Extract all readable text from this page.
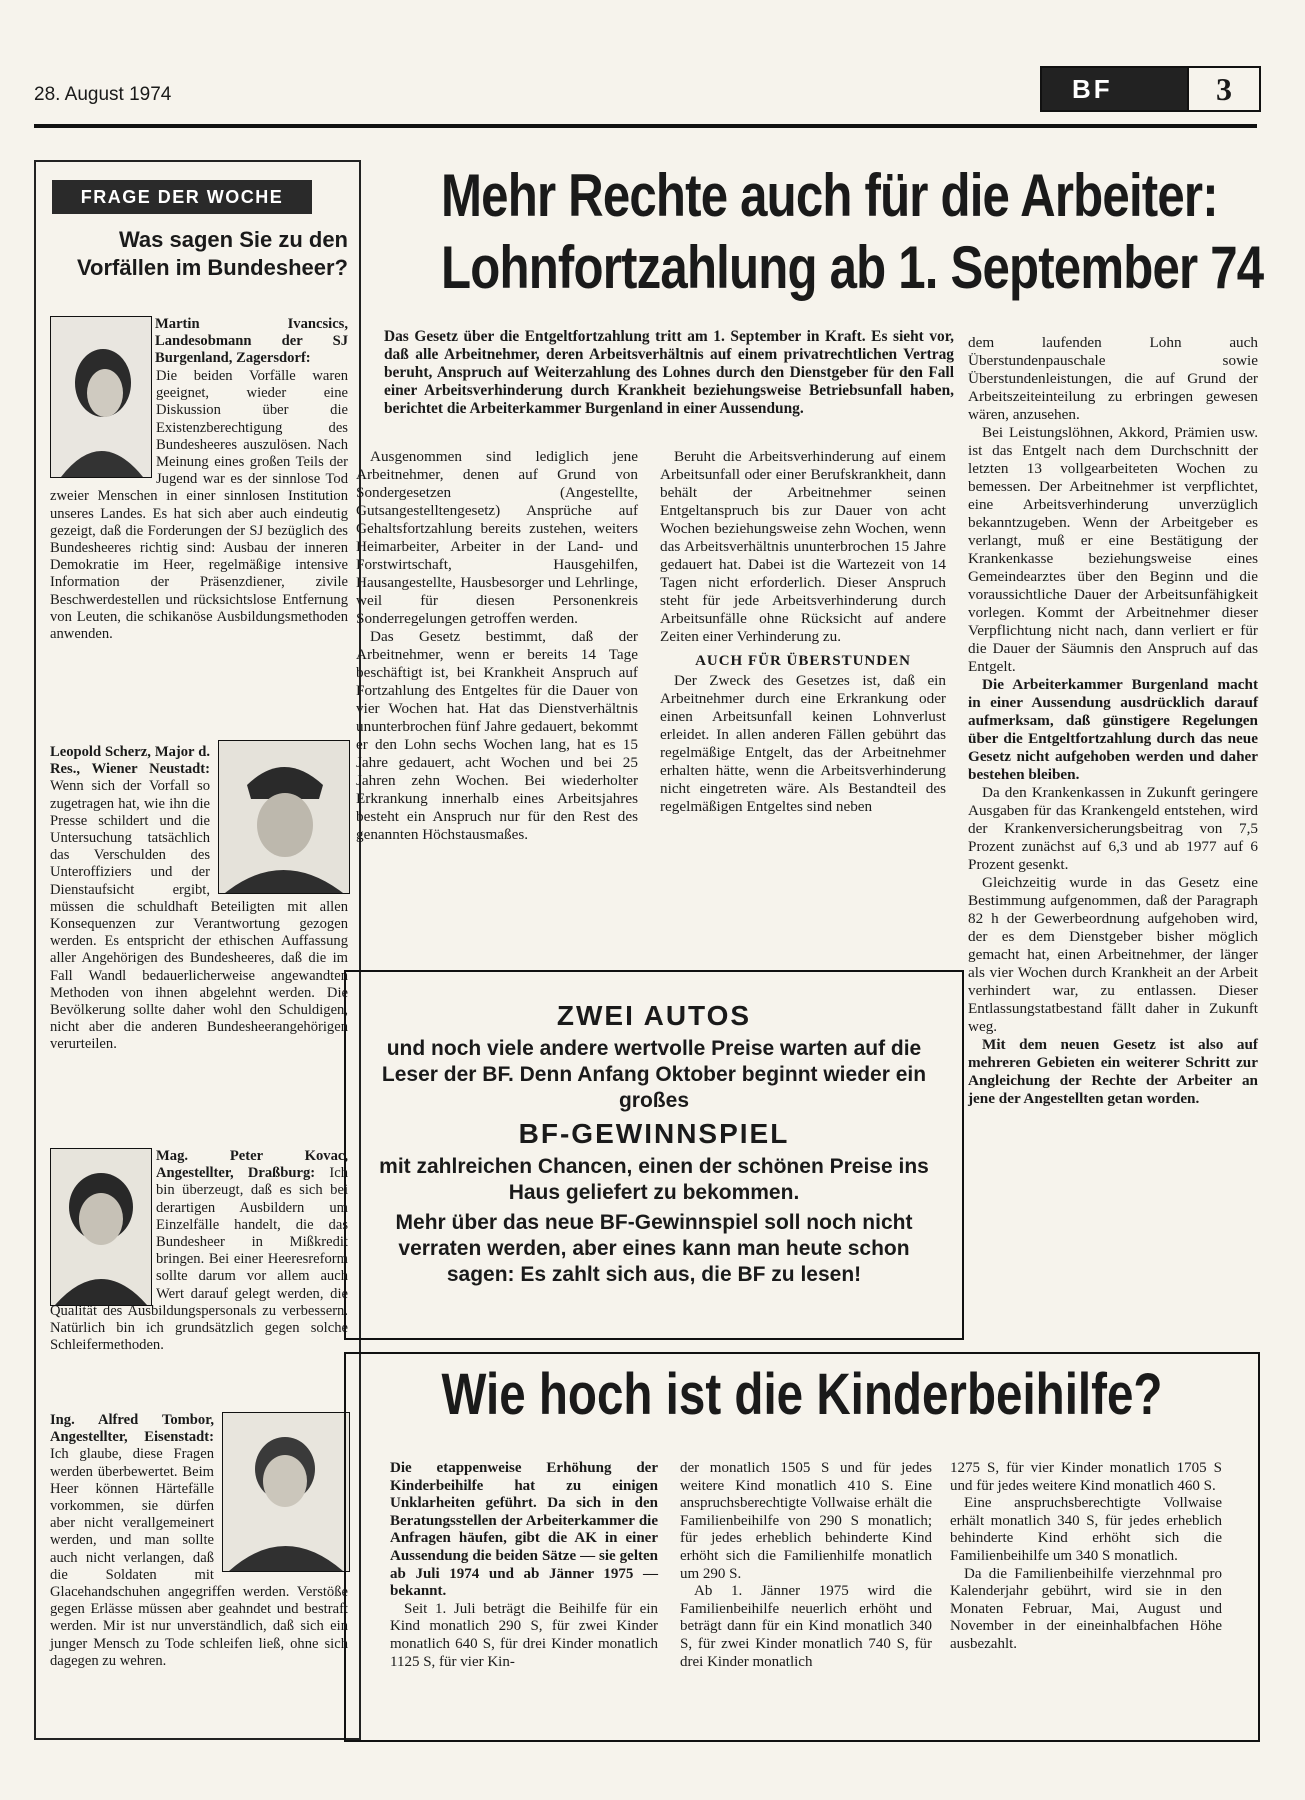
28. August 1974	BF	3
FRAGE DER WOCHE
Was sagen Sie zu den Vorfällen im Bundesheer?
Martin Ivancsics, Landesobmann der SJ Burgenland, Zagersdorf:
Die beiden Vorfälle waren geeignet, wieder eine Diskussion über die Existenzberechtigung des Bundesheeres auszulösen. Nach Meinung eines großen Teils der Jugend war es der sinnlose Tod zweier Menschen in einer sinnlosen Institution unseres Landes. Es hat sich aber auch eindeutig gezeigt, daß die Forderungen der SJ bezüglich des Bundesheeres richtig sind: Ausbau der inneren Demokratie im Heer, regelmäßige intensive Information der Präsenzdiener, zivile Beschwerdestellen und rücksichtslose Entfernung von Leuten, die schikanöse Ausbildungsmethoden anwenden.
Leopold Scherz, Major d. Res., Wiener Neustadt: Wenn sich der Vorfall so zugetragen hat, wie ihn die Presse schildert und die Untersuchung tatsächlich das Verschulden des Unteroffiziers und der Dienstaufsicht ergibt, müssen die schuldhaft Beteiligten mit allen Konsequenzen zur Verantwortung gezogen werden. Es entspricht der ethischen Auffassung aller Angehörigen des Bundesheeres, daß die im Fall Wandl bedauerlicherweise angewandten Methoden von ihnen abgelehnt werden. Die Bevölkerung sollte daher wohl den Schuldigen, nicht aber die anderen Bundesheerangehörigen verurteilen.
Mag. Peter Kovac, Angestellter, Draßburg: Ich bin überzeugt, daß es sich bei derartigen Ausbildern um Einzelfälle handelt, die das Bundesheer in Mißkredit bringen. Bei einer Heeresreform sollte darum vor allem auch Wert darauf gelegt werden, die Qualität des Ausbildungspersonals zu verbessern. Natürlich bin ich grundsätzlich gegen solche Schleifermethoden.
Ing. Alfred Tombor, Angestellter, Eisenstadt: Ich glaube, diese Fragen werden überbewertet. Beim Heer können Härtefälle vorkommen, sie dürfen aber nicht verallgemeinert werden, und man sollte auch nicht verlangen, daß die Soldaten mit Glacehandschuhen angegriffen werden. Verstöße gegen Erlässe müssen aber geahndet und bestraft werden. Mir ist nur unverständlich, daß sich ein junger Mensch zu Tode schleifen ließ, ohne sich dagegen zu wehren.
Mehr Rechte auch für die Arbeiter:
Lohnfortzahlung ab 1. September 74
Das Gesetz über die Entgeltfortzahlung tritt am 1. September in Kraft. Es sieht vor, daß alle Arbeitnehmer, deren Arbeitsverhältnis auf einem privatrechtlichen Vertrag beruht, Anspruch auf Weiterzahlung des Lohnes durch den Dienstgeber für den Fall einer Arbeitsverhinderung durch Krankheit beziehungsweise Betriebsunfall haben, berichtet die Arbeiterkammer Burgenland in einer Aussendung.

Ausgenommen sind lediglich jene Arbeitnehmer, denen auf Grund von Sondergesetzen (Angestellte, Gutsangestelltengesetz) Ansprüche auf Gehaltsfortzahlung bereits zustehen, weiters Heimarbeiter, Arbeiter in der Land- und Forstwirtschaft, Hausgehilfen, Hausangestellte, Hausbesorger und Lehrlinge, weil für diesen Personenkreis Sonderregelungen getroffen werden.

Das Gesetz bestimmt, daß der Arbeitnehmer, wenn er bereits 14 Tage beschäftigt ist, bei Krankheit Anspruch auf Fortzahlung des Entgeltes für die Dauer von vier Wochen hat. Hat das Dienstverhältnis ununterbrochen fünf Jahre gedauert, bekommt er den Lohn sechs Wochen lang, hat es 15 Jahre gedauert, acht Wochen und bei 25 Jahren zehn Wochen. Bei wiederholter Erkrankung innerhalb eines Arbeitsjahres besteht ein Anspruch nur für den Rest des genannten Höchstausmaßes.

Beruht die Arbeitsverhinderung auf einem Arbeitsunfall oder einer Berufskrankheit, dann behält der Arbeitnehmer seinen Entgeltanspruch bis zur Dauer von acht Wochen beziehungsweise zehn Wochen, wenn das Arbeitsverhältnis ununterbrochen 15 Jahre gedauert hat. Dabei ist die Wartezeit von 14 Tagen nicht erforderlich. Dieser Anspruch steht für jede Arbeitsverhinderung durch Arbeitsunfälle ohne Rücksicht auf andere Zeiten einer Verhinderung zu.

AUCH FÜR ÜBERSTUNDEN

Der Zweck des Gesetzes ist, daß ein Arbeitnehmer durch eine Erkrankung oder einen Arbeitsunfall keinen Lohnverlust erleidet. In allen anderen Fällen gebührt das regelmäßige Entgelt, das der Arbeitnehmer erhalten hätte, wenn die Arbeitsverhinderung nicht eingetreten wäre. Als Bestandteil des regelmäßigen Entgeltes sind neben

dem laufenden Lohn auch Überstundenpauschale sowie Überstundenleistungen, die auf Grund der Arbeitszeiteinteilung zu erbringen gewesen wären, anzusehen.

Bei Leistungslöhnen, Akkord, Prämien usw. ist das Entgelt nach dem Durchschnitt der letzten 13 vollgearbeiteten Wochen zu bemessen. Der Arbeitnehmer ist verpflichtet, eine Arbeitsverhinderung unverzüglich bekanntzugeben. Wenn der Arbeitgeber es verlangt, muß er eine Bestätigung der Krankenkasse beziehungsweise eines Gemeindearztes über den Beginn und die voraussichtliche Dauer der Arbeitsunfähigkeit vorlegen. Kommt der Arbeitnehmer dieser Verpflichtung nicht nach, dann verliert er für die Dauer der Säumnis den Anspruch auf das Entgelt.

Die Arbeiterkammer Burgenland macht in einer Aussendung ausdrücklich darauf aufmerksam, daß günstigere Regelungen über die Entgeltfortzahlung durch das neue Gesetz nicht aufgehoben werden und daher bestehen bleiben.

Da den Krankenkassen in Zukunft geringere Ausgaben für das Krankengeld entstehen, wird der Krankenversicherungsbeitrag von 7,5 Prozent zunächst auf 6,3 und ab 1977 auf 6 Prozent gesenkt.

Gleichzeitig wurde in das Gesetz eine Bestimmung aufgenommen, daß der Paragraph 82 h der Gewerbeordnung aufgehoben wird, der es dem Dienstgeber bisher möglich gemacht hat, einen Arbeitnehmer, der länger als vier Wochen durch Krankheit an der Arbeit verhindert war, zu entlassen. Dieser Entlassungstatbestand fällt daher in Zukunft weg.

Mit dem neuen Gesetz ist also auf mehreren Gebieten ein weiterer Schritt zur Angleichung der Rechte der Arbeiter an jene der Angestellten getan worden.

ZWEI AUTOS
und noch viele andere wertvolle Preise warten auf die Leser der BF. Denn Anfang Oktober beginnt wieder ein großes
BF-GEWINNSPIEL
mit zahlreichen Chancen, einen der schönen Preise ins Haus geliefert zu bekommen.
Mehr über das neue BF-Gewinnspiel soll noch nicht verraten werden, aber eines kann man heute schon sagen: Es zahlt sich aus, die BF zu lesen!
Wie hoch ist die Kinderbeihilfe?

Die etappenweise Erhöhung der Kinderbeihilfe hat zu einigen Unklarheiten geführt. Da sich in den Beratungsstellen der Arbeiterkammer die Anfragen häufen, gibt die AK in einer Aussendung die beiden Sätze — sie gelten ab Juli 1974 und ab Jänner 1975 — bekannt.

Seit 1. Juli beträgt die Beihilfe für ein Kind monatlich 290 S, für zwei Kinder monatlich 640 S, für drei Kinder monatlich 1125 S, für vier Kin-

der monatlich 1505 S und für jedes weitere Kind monatlich 410 S. Eine anspruchsberechtigte Vollwaise erhält die Familienbeihilfe von 290 S monatlich; für jedes erheblich behinderte Kind erhöht sich die Familienhilfe monatlich um 290 S.

Ab 1. Jänner 1975 wird die Familienbeihilfe neuerlich erhöht und beträgt dann für ein Kind monatlich 340 S, für zwei Kinder monatlich 740 S, für drei Kinder monatlich

1275 S, für vier Kinder monatlich 1705 S und für jedes weitere Kind monatlich 460 S.

Eine anspruchsberechtigte Vollwaise erhält monatlich 340 S, für jedes erheblich behinderte Kind erhöht sich die Familienbeihilfe um 340 S monatlich.

Da die Familienbeihilfe vierzehnmal pro Kalenderjahr gebührt, wird sie in den Monaten Februar, Mai, August und November in der eineinhalbfachen Höhe ausbezahlt.
